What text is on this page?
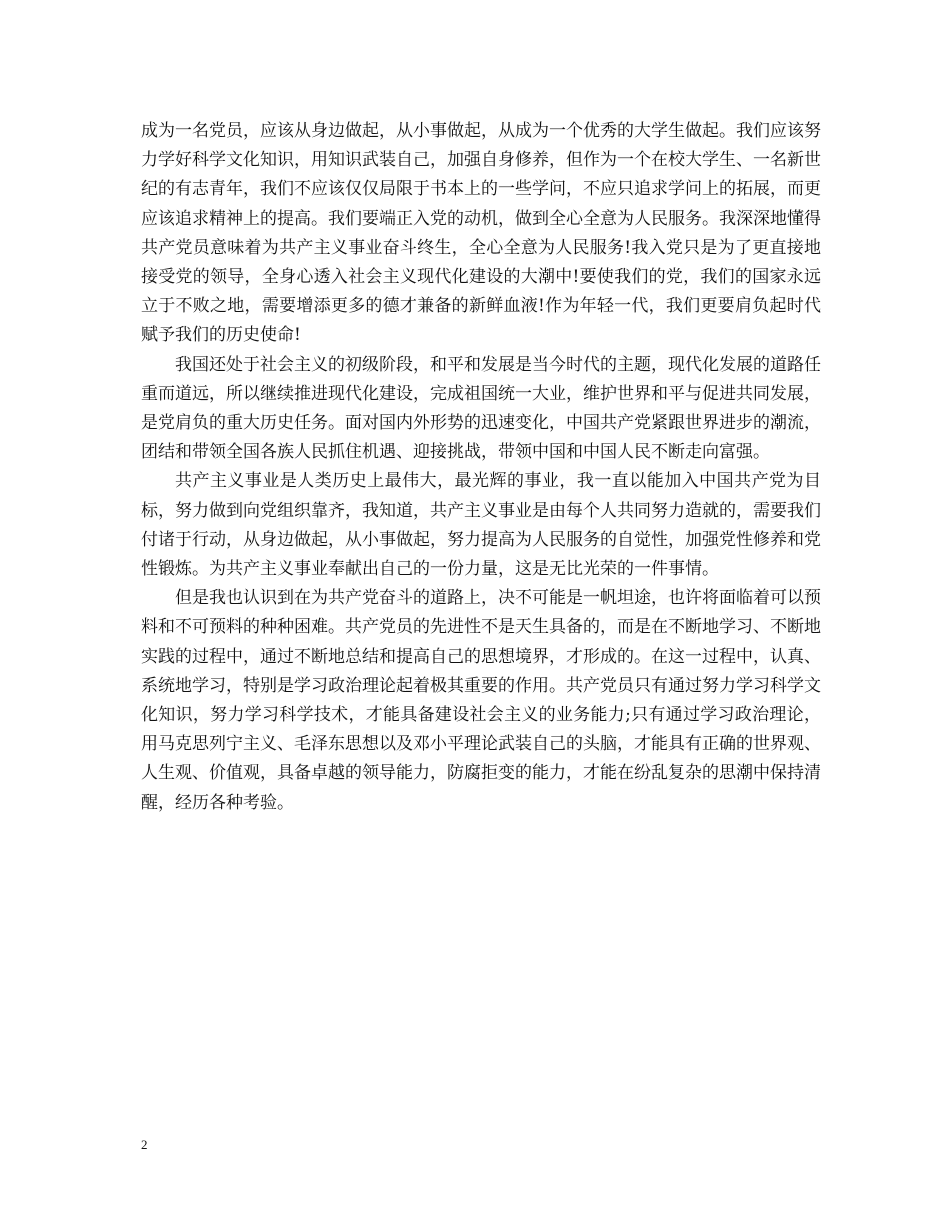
成为一名党员，应该从身边做起，从小事做起，从成为一个优秀的大学生做起。我们应该努力学好科学文化知识，用知识武装自己，加强自身修养，但作为一个在校大学生、一名新世纪的有志青年，我们不应该仅仅局限于书本上的一些学问，不应只追求学问上的拓展，而更应该追求精神上的提高。我们要端正入党的动机，做到全心全意为人民服务。我深深地懂得共产党员意味着为共产主义事业奋斗终生，全心全意为人民服务!我入党只是为了更直接地接受党的领导，全身心透入社会主义现代化建设的大潮中!要使我们的党，我们的国家永远立于不败之地，需要增添更多的德才兼备的新鲜血液!作为年轻一代，我们更要肩负起时代赋予我们的历史使命!

我国还处于社会主义的初级阶段，和平和发展是当今时代的主题，现代化发展的道路任重而道远，所以继续推进现代化建设，完成祖国统一大业，维护世界和平与促进共同发展，是党肩负的重大历史任务。面对国内外形势的迅速变化，中国共产党紧跟世界进步的潮流，团结和带领全国各族人民抓住机遇、迎接挑战，带领中国和中国人民不断走向富强。

共产主义事业是人类历史上最伟大，最光辉的事业，我一直以能加入中国共产党为目标，努力做到向党组织靠齐，我知道，共产主义事业是由每个人共同努力造就的，需要我们付诸于行动，从身边做起，从小事做起，努力提高为人民服务的自觉性，加强党性修养和党性锻炼。为共产主义事业奉献出自己的一份力量，这是无比光荣的一件事情。

但是我也认识到在为共产党奋斗的道路上，决不可能是一帆坦途，也许将面临着可以预料和不可预料的种种困难。共产党员的先进性不是天生具备的，而是在不断地学习、不断地实践的过程中，通过不断地总结和提高自己的思想境界，才形成的。在这一过程中，认真、系统地学习，特别是学习政治理论起着极其重要的作用。共产党员只有通过努力学习科学文化知识，努力学习科学技术，才能具备建设社会主义的业务能力;只有通过学习政治理论，用马克思列宁主义、毛泽东思想以及邓小平理论武装自己的头脑，才能具有正确的世界观、人生观、价值观，具备卓越的领导能力，防腐拒变的能力，才能在纷乱复杂的思潮中保持清醒，经历各种考验。

2
